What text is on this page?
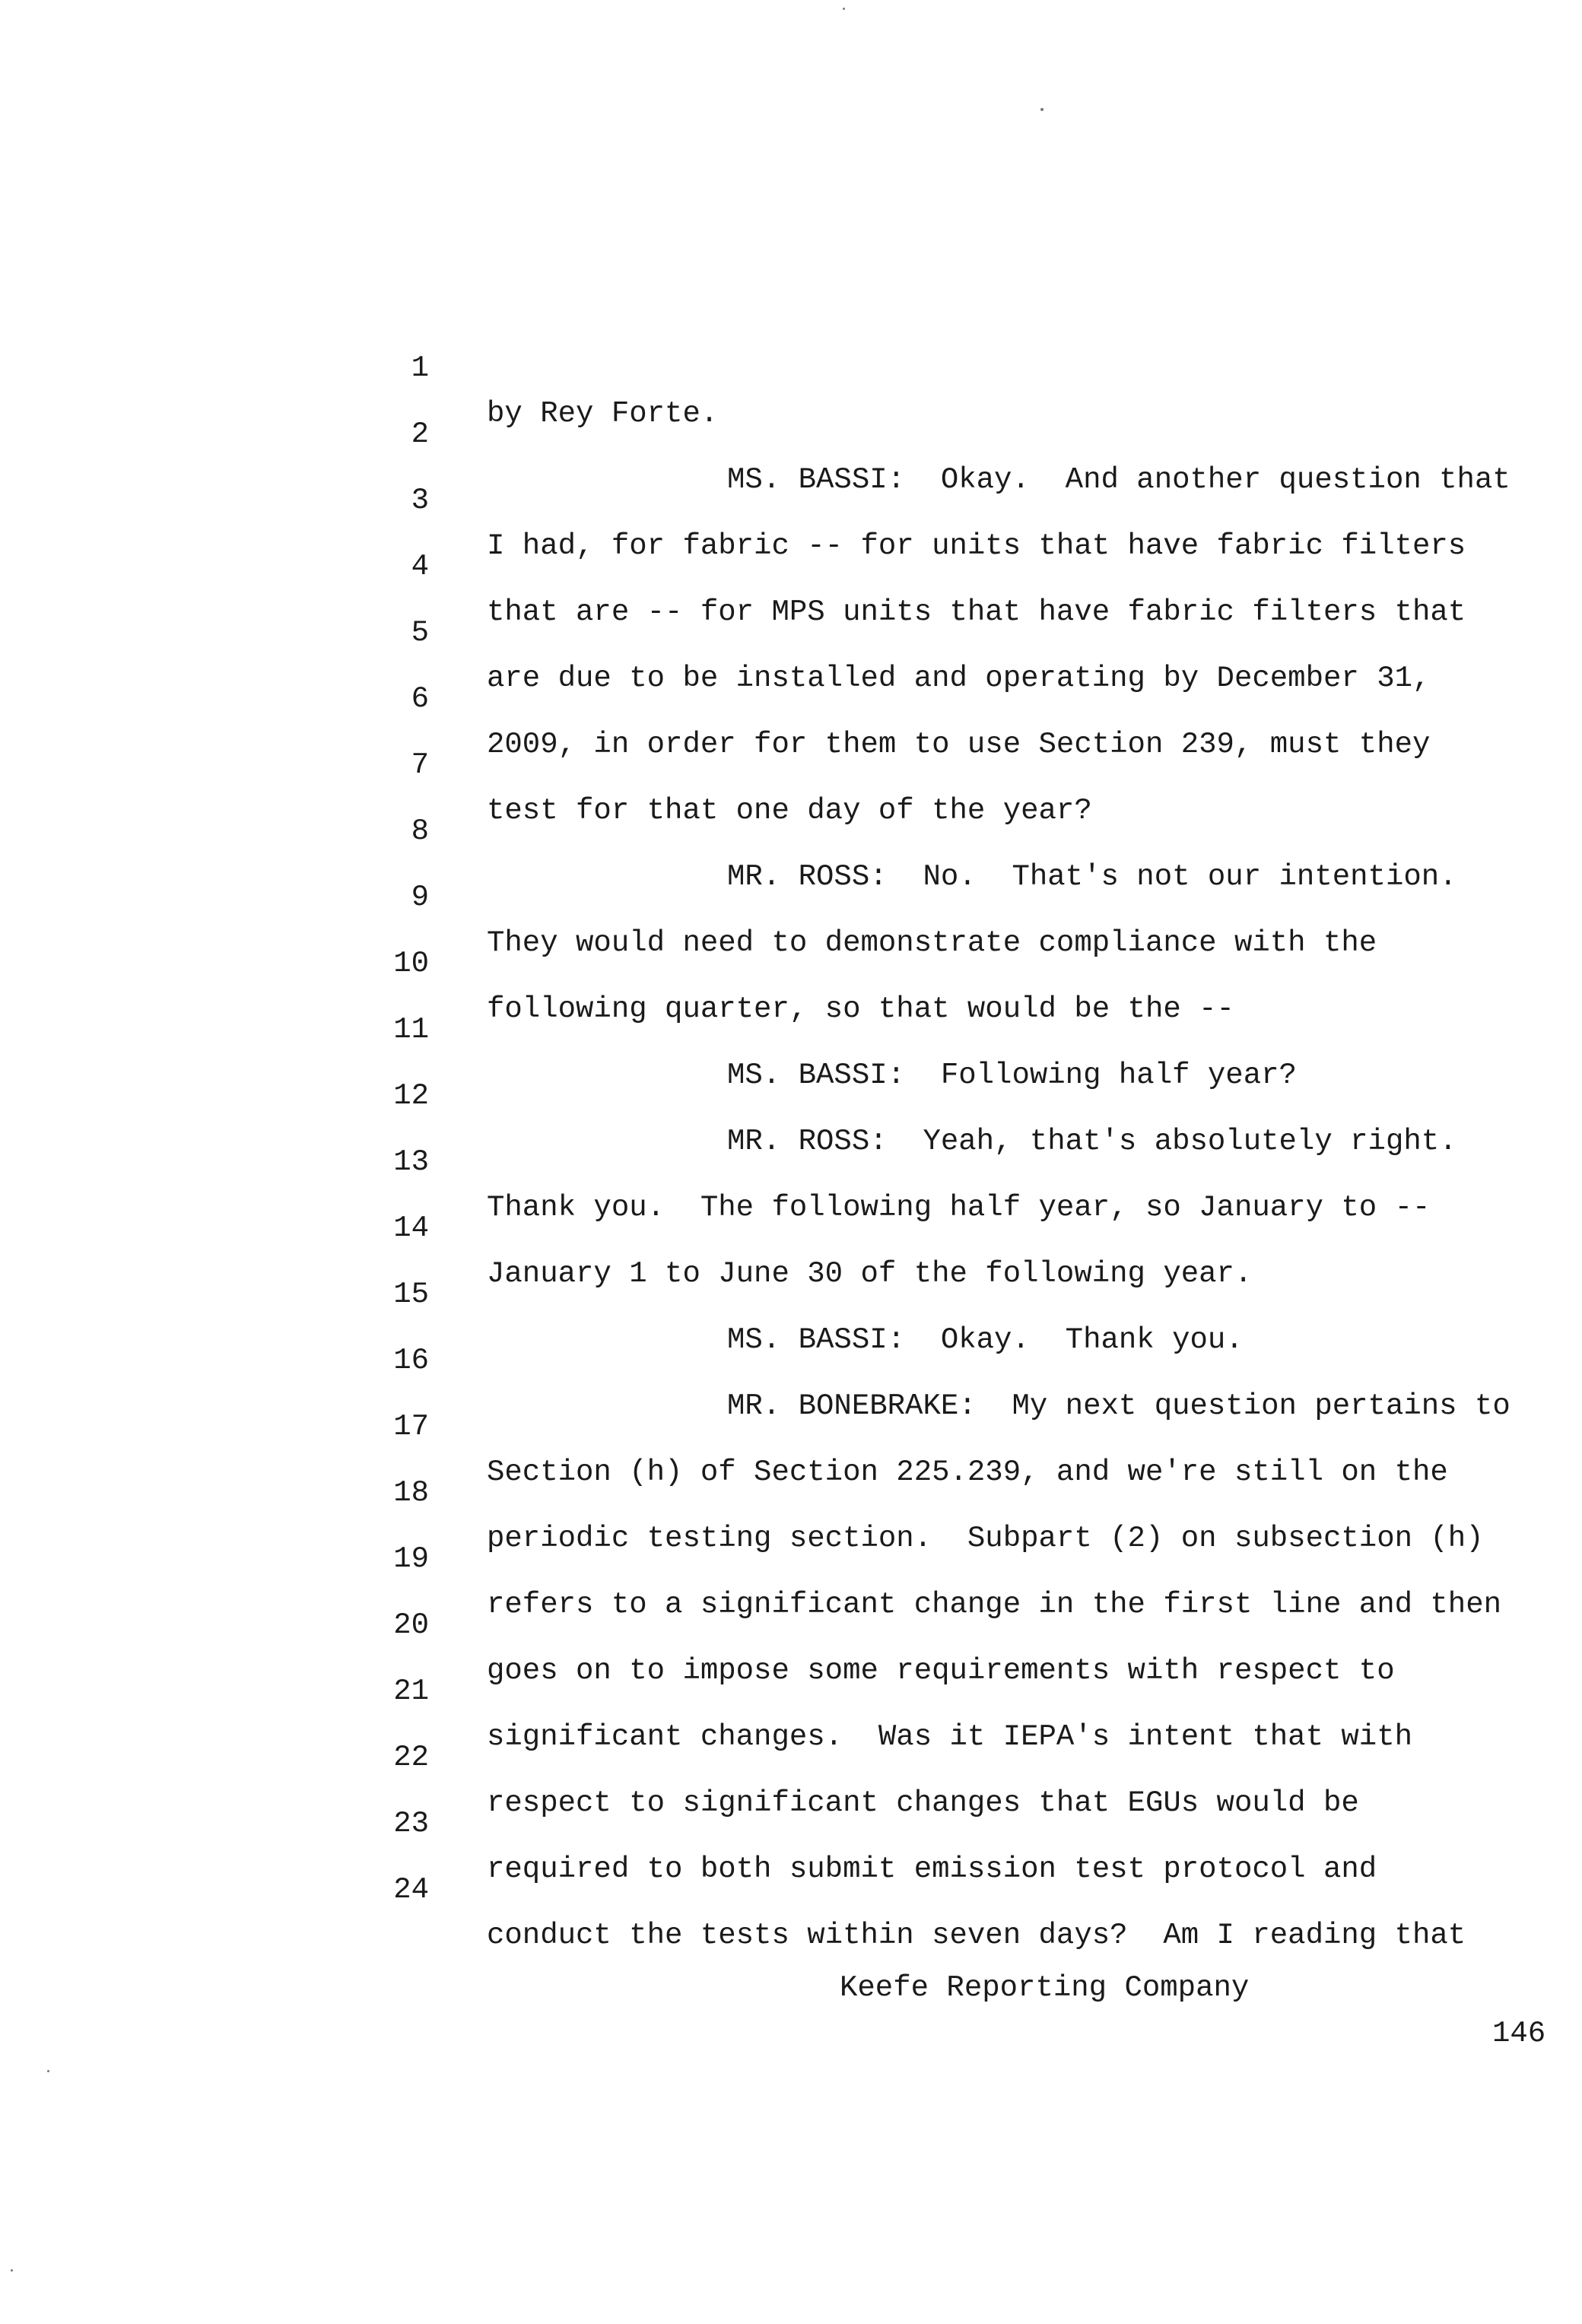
1

by Rey Forte.

2

MS. BASSI:  Okay.  And another question that

3

I had, for fabric -- for units that have fabric filters

4

that are -- for MPS units that have fabric filters that

5

are due to be installed and operating by December 31,

6

2009, in order for them to use Section 239, must they

7

test for that one day of the year?

8

MR. ROSS:  No.  That's not our intention.

9

They would need to demonstrate compliance with the

10

following quarter, so that would be the --

11

MS. BASSI:  Following half year?

12

MR. ROSS:  Yeah, that's absolutely right.

13

Thank you.  The following half year, so January to --

14

January 1 to June 30 of the following year.

15

MS. BASSI:  Okay.  Thank you.

16

MR. BONEBRAKE:  My next question pertains to

17

Section (h) of Section 225.239, and we're still on the

18

periodic testing section.  Subpart (2) on subsection (h)

19

refers to a significant change in the first line and then

20

goes on to impose some requirements with respect to

21

significant changes.  Was it IEPA's intent that with

22

respect to significant changes that EGUs would be

23

required to both submit emission test protocol and

24

conduct the tests within seven days?  Am I reading that

Keefe Reporting Company

146
